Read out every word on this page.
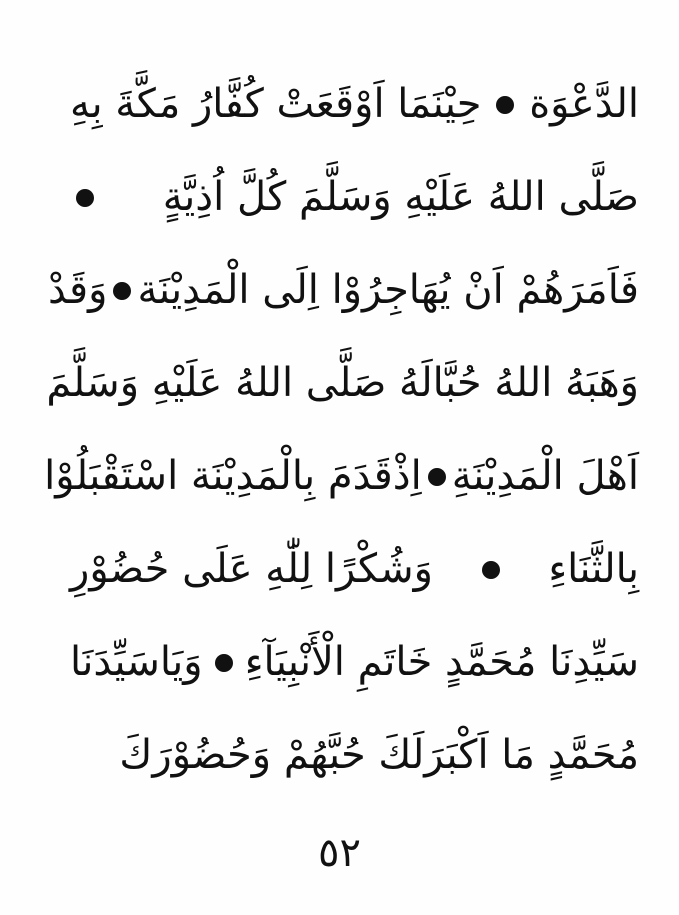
الدَّعْوَة
حِيْنَمَا اَوْقَعَتْ كُفَّارُ مَكَّةَ بِهِ
صَلَّى اللهُ عَلَيْهِ وَسَلَّمَ كُلَّ اُذِيَّةٍ
فَاَمَرَهُمْ اَنْ يُهَاجِرُوْا اِلَى الْمَدِيْنَة
وَقَدْ
وَهَبَهُ اللهُ حُبَّالَهُ صَلَّى اللهُ عَلَيْهِ وَسَلَّمَ
اَهْلَ الْمَدِيْنَةِ
اِذْقَدَمَ بِالْمَدِيْنَة اسْتَقْبَلُوْا
بِالثَّنَاءِ
وَشُكْرًا لِلّٰهِ عَلَى حُضُوْرِ
سَيِّدِنَا مُحَمَّدٍ خَاتَمِ الْأَنْبِيَآءِ
وَيَاسَيِّدَنَا
مُحَمَّدٍ مَا اَكْبَرَلَكَ حُبَّهُمْ وَحُضُوْرَكَ
٥٢
